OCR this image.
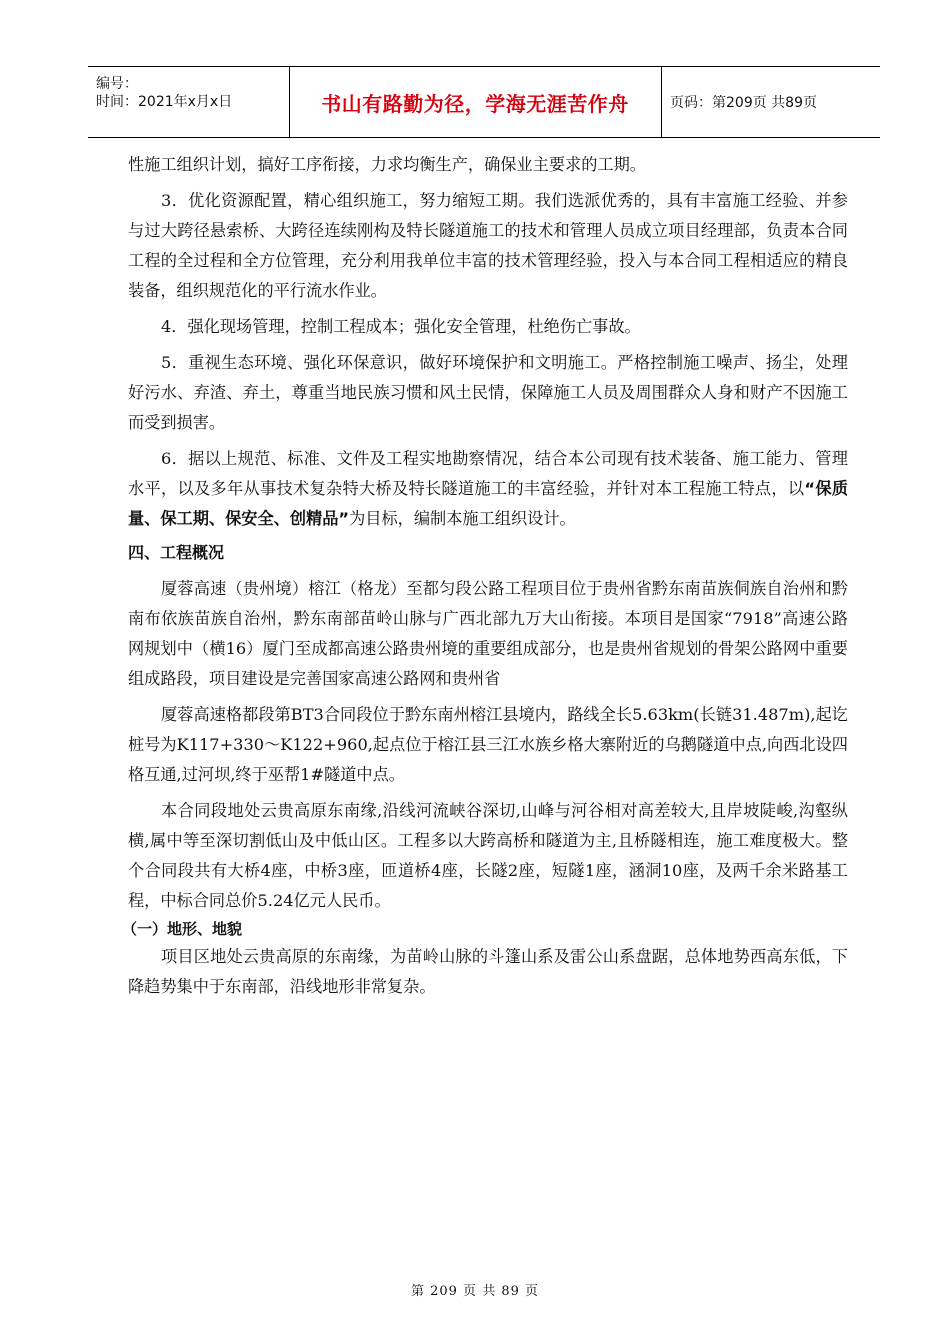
编号：
时间：2021年x月x日	书山有路勤为径，学海无涯苦作舟	页码：第209页 共89页

性施工组织计划，搞好工序衔接，力求均衡生产，确保业主要求的工期。

3．优化资源配置，精心组织施工，努力缩短工期。我们选派优秀的，具有丰富施工经验、并参与过大跨径悬索桥、大跨径连续刚构及特长隧道施工的技术和管理人员成立项目经理部，负责本合同工程的全过程和全方位管理，充分利用我单位丰富的技术管理经验，投入与本合同工程相适应的精良装备，组织规范化的平行流水作业。

4．强化现场管理，控制工程成本；强化安全管理，杜绝伤亡事故。

5．重视生态环境、强化环保意识，做好环境保护和文明施工。严格控制施工噪声、扬尘，处理好污水、弃渣、弃土，尊重当地民族习惯和风土民情，保障施工人员及周围群众人身和财产不因施工而受到损害。

6．据以上规范、标准、文件及工程实地勘察情况，结合本公司现有技术装备、施工能力、管理水平，以及多年从事技术复杂特大桥及特长隧道施工的丰富经验，并针对本工程施工特点，以“保质量、保工期、保安全、创精品”为目标，编制本施工组织设计。

四、工程概况

厦蓉高速（贵州境）榕江（格龙）至都匀段公路工程项目位于贵州省黔东南苗族侗族自治州和黔南布依族苗族自治州，黔东南部苗岭山脉与广西北部九万大山衔接。本项目是国家“7918”高速公路网规划中（横16）厦门至成都高速公路贵州境的重要组成部分，也是贵州省规划的骨架公路网中重要组成路段，项目建设是完善国家高速公路网和贵州省

厦蓉高速格都段第BT3合同段位于黔东南州榕江县境内，路线全长5.63km(长链31.487m),起讫桩号为K117+330～K122+960,起点位于榕江县三江水族乡格大寨附近的乌鹅隧道中点,向西北设四格互通,过河坝,终于巫帮1#隧道中点。

本合同段地处云贵高原东南缘,沿线河流峡谷深切,山峰与河谷相对高差较大,且岸坡陡峻,沟壑纵横,属中等至深切割低山及中低山区。工程多以大跨高桥和隧道为主,且桥隧相连，施工难度极大。整个合同段共有大桥4座，中桥3座，匝道桥4座，长隧2座，短隧1座，涵洞10座，及两千余米路基工程，中标合同总价5.24亿元人民币。

（一）地形、地貌

项目区地处云贵高原的东南缘，为苗岭山脉的斗篷山系及雷公山系盘踞，总体地势西高东低，下降趋势集中于东南部，沿线地形非常复杂。

第 209 页 共 89 页
